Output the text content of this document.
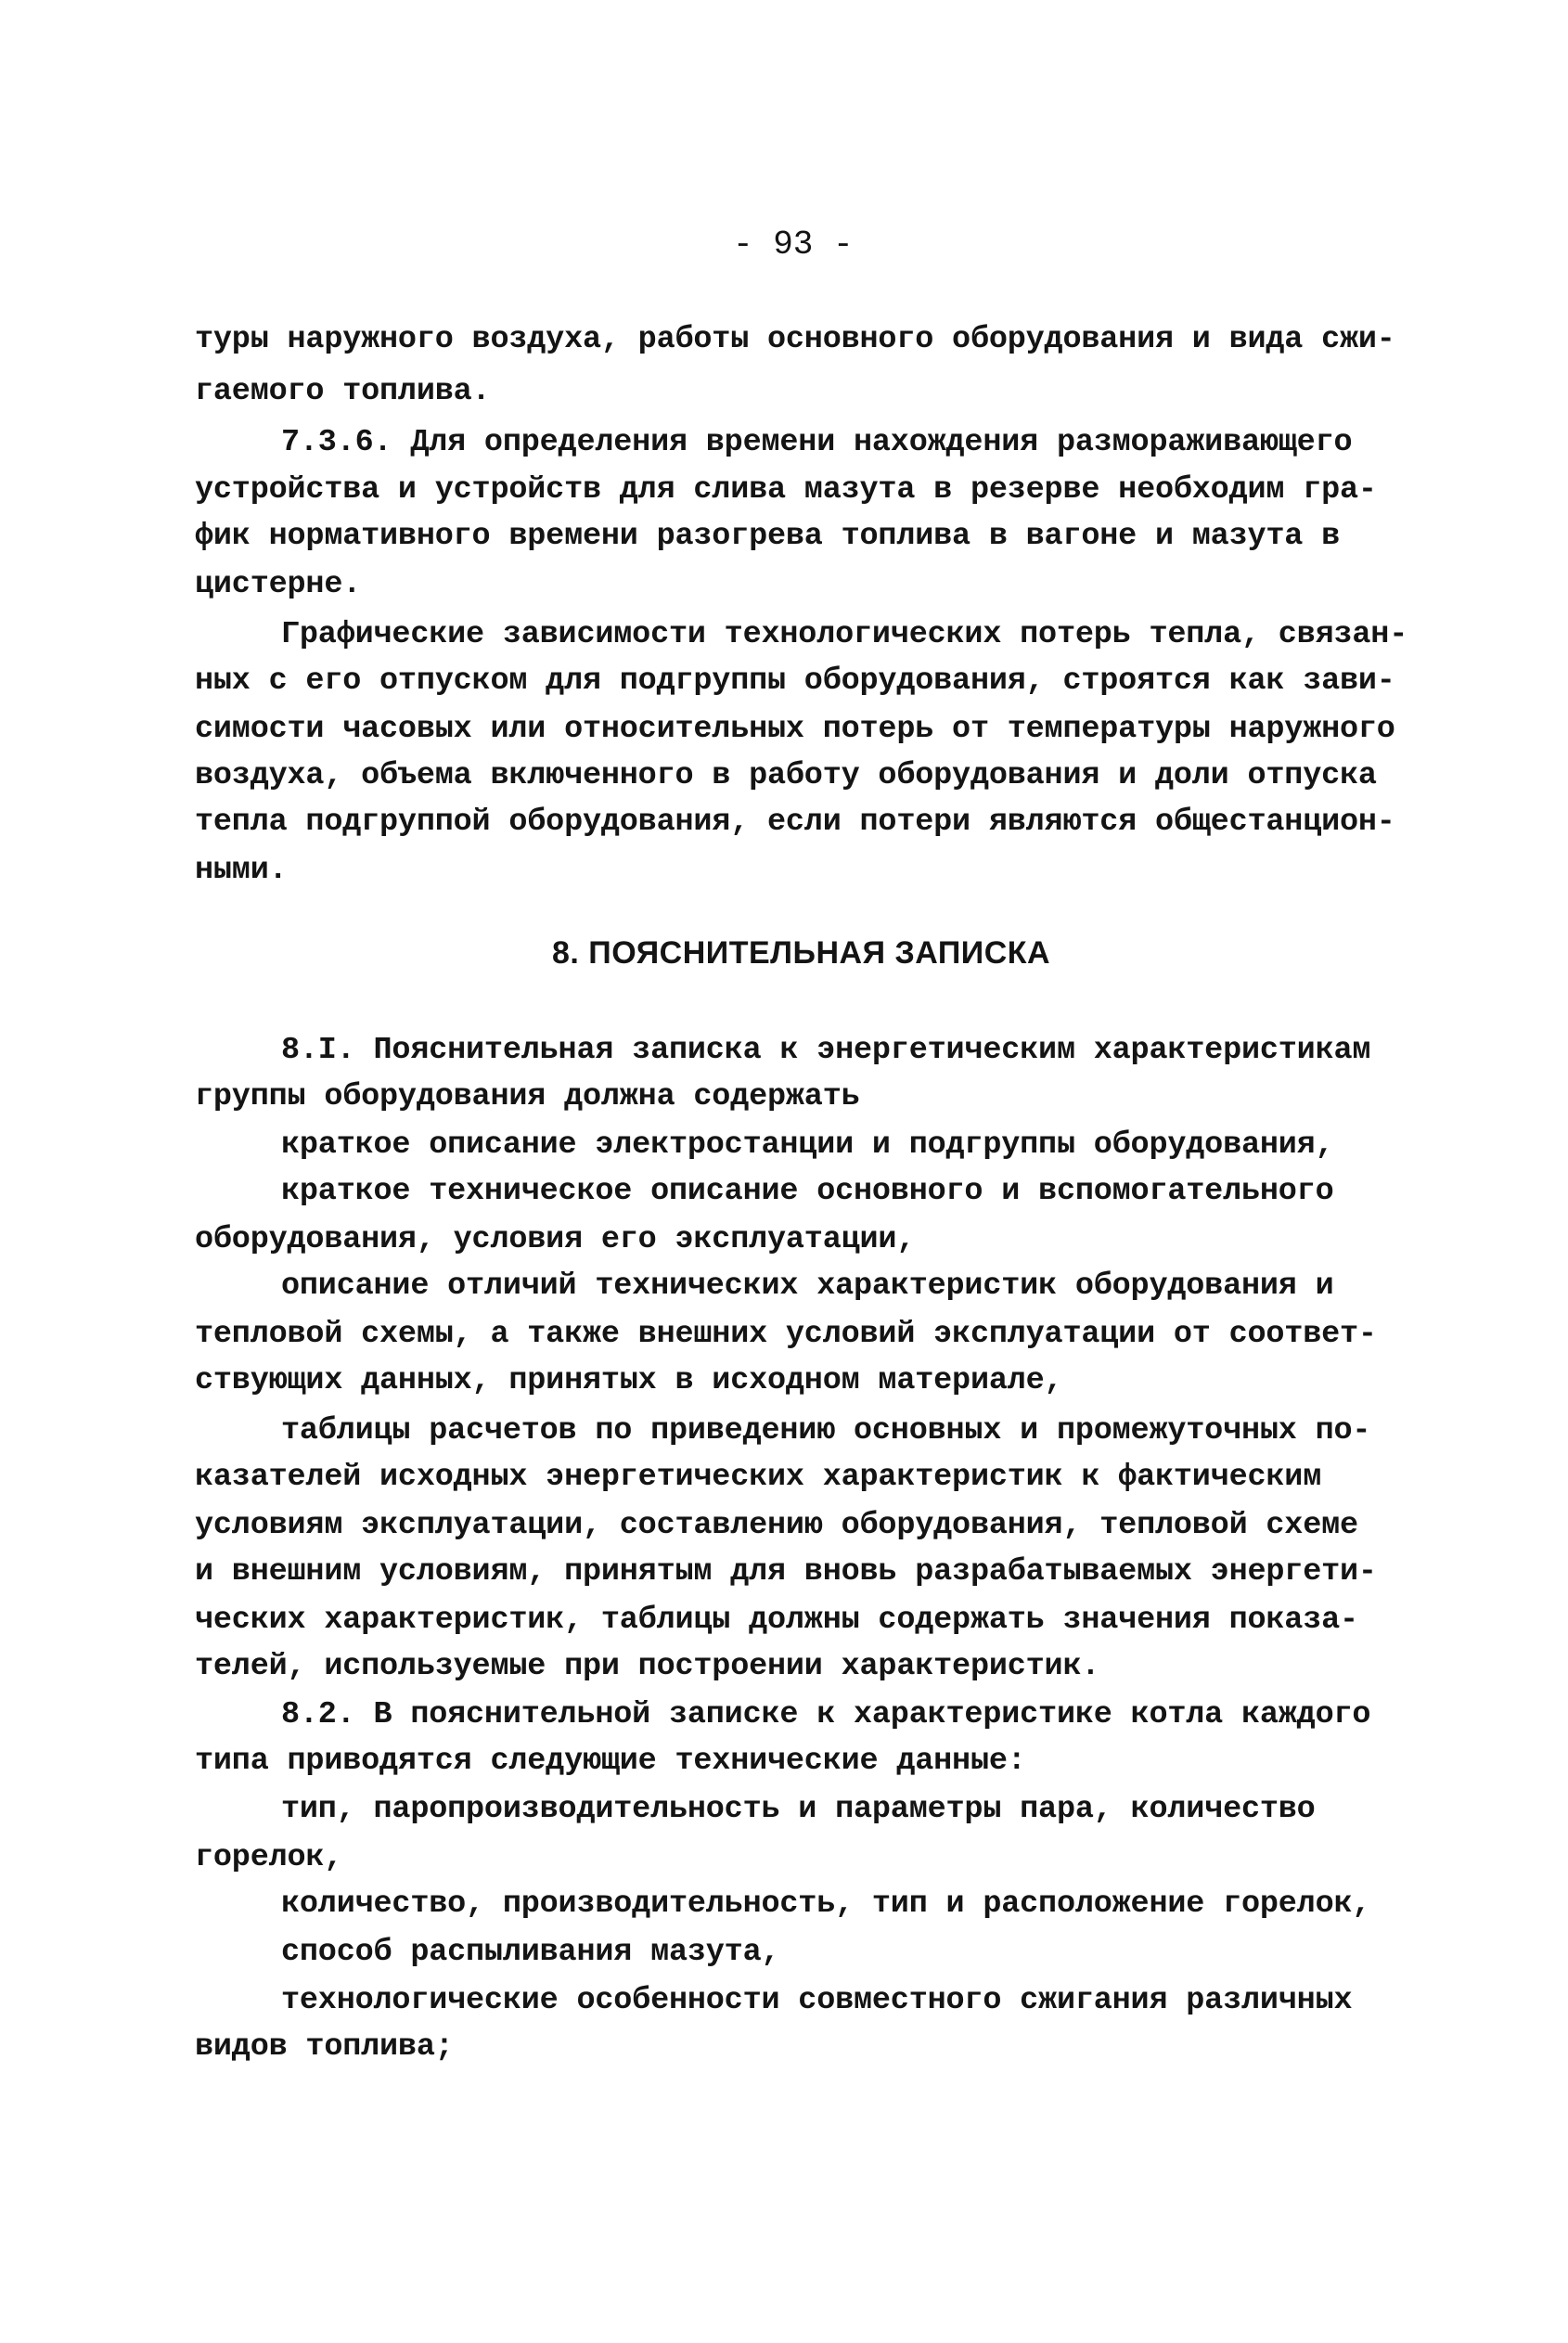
- 93 -
туры наружного воздуха, работы основного оборудования и вида сжи-
гаемого топлива.
7.3.6. Для определения времени нахождения размораживающего
устройства и устройств для слива мазута в резерве необходим гра-
фик нормативного времени разогрева топлива в вагоне и мазута в
цистерне.
Графические зависимости технологических потерь тепла, связан-
ных с его отпуском для подгруппы оборудования, строятся как зави-
симости часовых или относительных потерь от температуры наружного
воздуха, объема включенного в работу оборудования и доли отпуска
тепла подгруппой оборудования, если потери являются общестанцион-
ными.
8. ПОЯСНИТЕЛЬНАЯ ЗАПИСКА
8.I. Пояснительная записка к энергетическим характеристикам
группы оборудования должна содержать
краткое описание электростанции и подгруппы оборудования,
краткое техническое описание основного и вспомогательного
оборудования, условия его эксплуатации,
описание отличий технических характеристик оборудования и
тепловой схемы, а также внешних условий эксплуатации от соответ-
ствующих данных, принятых в исходном материале,
таблицы расчетов по приведению основных и промежуточных по-
казателей исходных энергетических характеристик к фактическим
условиям эксплуатации, составлению оборудования, тепловой схеме
и внешним условиям, принятым для вновь разрабатываемых энергети-
ческих характеристик, таблицы должны содержать значения показа-
телей, используемые при построении характеристик.
8.2. В пояснительной записке к характеристике котла каждого
типа приводятся следующие технические данные:
тип, паропроизводительность и параметры пара, количество
горелок,
количество, производительность, тип и расположение горелок,
способ распыливания мазута,
технологические особенности совместного сжигания различных
видов топлива;
